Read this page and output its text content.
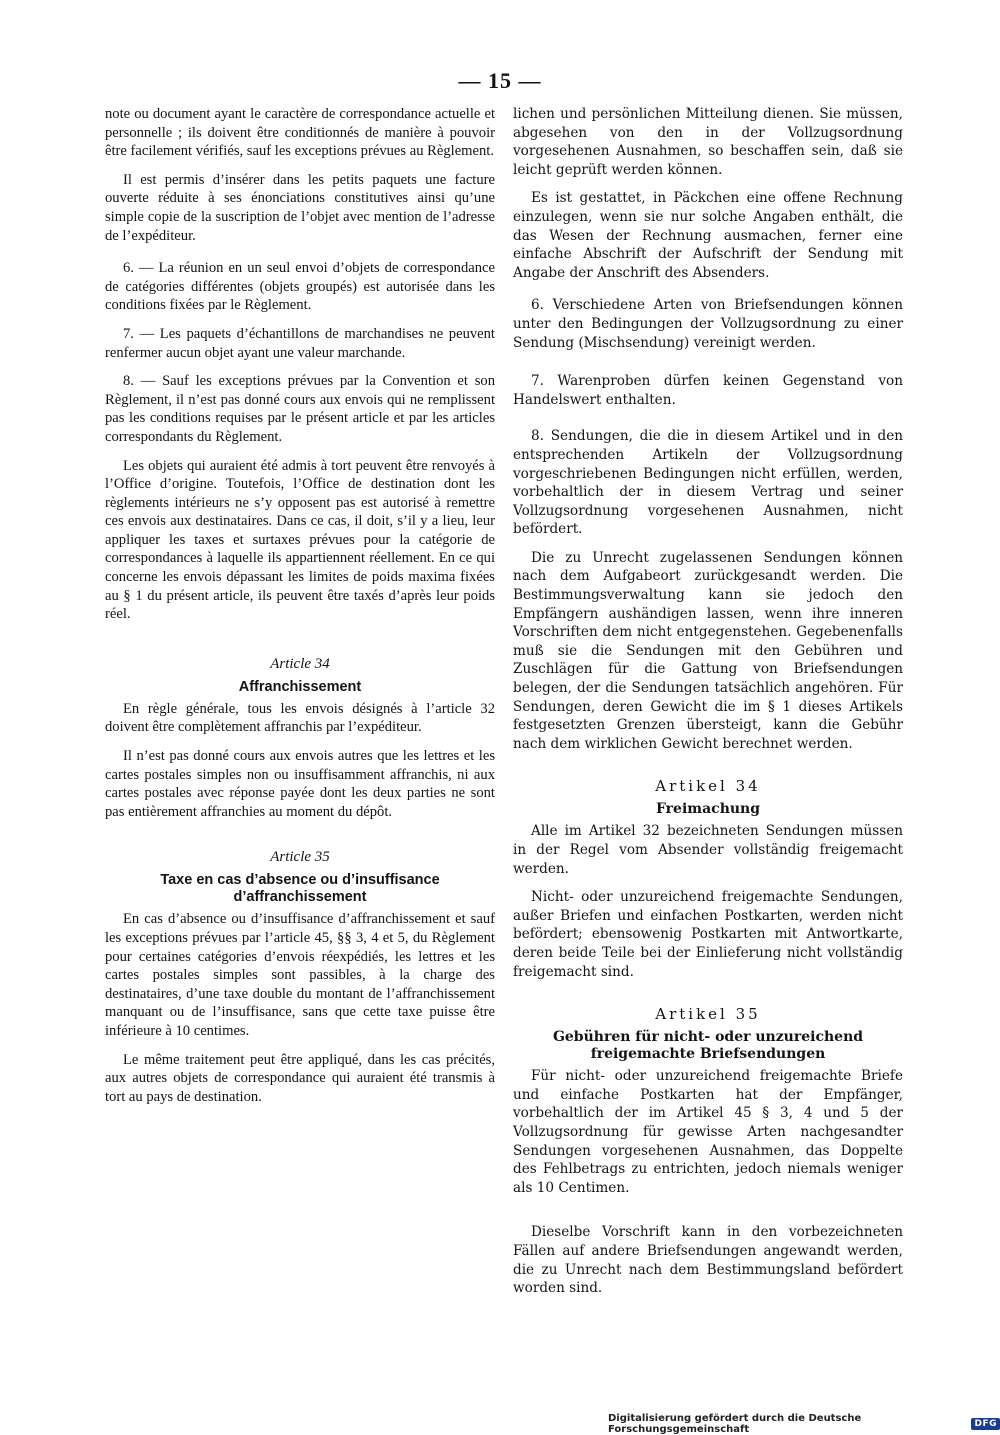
— 15 —

note ou document ayant le caractère de correspondance actuelle et personnelle ; ils doivent être conditionnés de manière à pouvoir être facilement vérifiés, sauf les exceptions prévues au Règlement.

Il est permis d’insérer dans les petits paquets une facture ouverte réduite à ses énonciations constitutives ainsi qu’une simple copie de la suscription de l’objet avec mention de l’adresse de l’expéditeur.

6. — La réunion en un seul envoi d’objets de correspondance de catégories différentes (objets groupés) est autorisée dans les conditions fixées par le Règlement.

7. — Les paquets d’échantillons de marchandises ne peuvent renfermer aucun objet ayant une valeur marchande.

8. — Sauf les exceptions prévues par la Convention et son Règlement, il n’est pas donné cours aux envois qui ne remplissent pas les conditions requises par le présent article et par les articles correspondants du Règlement.

Les objets qui auraient été admis à tort peuvent être renvoyés à l’Office d’origine. Toutefois, l’Office de destination dont les règlements intérieurs ne s’y opposent pas est autorisé à remettre ces envois aux destinataires. Dans ce cas, il doit, s’il y a lieu, leur appliquer les taxes et surtaxes prévues pour la catégorie de correspondances à laquelle ils appartiennent réellement. En ce qui concerne les envois dépassant les limites de poids maxima fixées au § 1 du présent article, ils peuvent être taxés d’après leur poids réel.

Article 34
Affranchissement

En règle générale, tous les envois désignés à l’article 32 doivent être complètement affranchis par l’expéditeur.

Il n’est pas donné cours aux envois autres que les lettres et les cartes postales simples non ou insuffisamment affranchis, ni aux cartes postales avec réponse payée dont les deux parties ne sont pas entièrement affranchies au moment du dépôt.

Article 35
Taxe en cas d’absence ou d’insuffisance d’affranchissement

En cas d’absence ou d’insuffisance d’affranchissement et sauf les exceptions prévues par l’article 45, §§ 3, 4 et 5, du Règlement pour certaines catégories d’envois réexpédiés, les lettres et les cartes postales simples sont passibles, à la charge des destinataires, d’une taxe double du montant de l’affranchissement manquant ou de l’insuffisance, sans que cette taxe puisse être inférieure à 10 centimes.

Le même traitement peut être appliqué, dans les cas précités, aux autres objets de correspondance qui auraient été transmis à tort au pays de destination.

lichen und persönlichen Mitteilung dienen. Sie müssen, abgesehen von den in der Vollzugsordnung vorgesehenen Ausnahmen, so beschaffen sein, daß sie leicht geprüft werden können.

Es ist gestattet, in Päckchen eine offene Rechnung einzulegen, wenn sie nur solche Angaben enthält, die das Wesen der Rechnung ausmachen, ferner eine einfache Abschrift der Aufschrift der Sendung mit Angabe der Anschrift des Absenders.

6. Verschiedene Arten von Briefsendungen können unter den Bedingungen der Vollzugsordnung zu einer Sendung (Mischsendung) vereinigt werden.

7. Warenproben dürfen keinen Gegenstand von Handelswert enthalten.

8. Sendungen, die die in diesem Artikel und in den entsprechenden Artikeln der Vollzugsordnung vorgeschriebenen Bedingungen nicht erfüllen, werden, vorbehaltlich der in diesem Vertrag und seiner Vollzugsordnung vorgesehenen Ausnahmen, nicht befördert.

Die zu Unrecht zugelassenen Sendungen können nach dem Aufgabeort zurückgesandt werden. Die Bestimmungsverwaltung kann sie jedoch den Empfängern aushändigen lassen, wenn ihre inneren Vorschriften dem nicht entgegenstehen. Gegebenenfalls muß sie die Sendungen mit den Gebühren und Zuschlägen für die Gattung von Briefsendungen belegen, der die Sendungen tatsächlich angehören. Für Sendungen, deren Gewicht die im § 1 dieses Artikels festgesetzten Grenzen übersteigt, kann die Gebühr nach dem wirklichen Gewicht berechnet werden.

Artikel 34
Freimachung

Alle im Artikel 32 bezeichneten Sendungen müssen in der Regel vom Absender vollständig freigemacht werden.

Nicht- oder unzureichend freigemachte Sendungen, außer Briefen und einfachen Postkarten, werden nicht befördert; ebensowenig Postkarten mit Antwortkarte, deren beide Teile bei der Einlieferung nicht vollständig freigemacht sind.

Artikel 35
Gebühren für nicht- oder unzureichend freigemachte Briefsendungen

Für nicht- oder unzureichend freigemachte Briefe und einfache Postkarten hat der Empfänger, vorbehaltlich der im Artikel 45 § 3, 4 und 5 der Vollzugsordnung für gewisse Arten nachgesandter Sendungen vorgesehenen Ausnahmen, das Doppelte des Fehlbetrags zu entrichten, jedoch niemals weniger als 10 Centimen.

Dieselbe Vorschrift kann in den vorbezeichneten Fällen auf andere Briefsendungen angewandt werden, die zu Unrecht nach dem Bestimmungsland befördert worden sind.

Digitalisierung gefördert durch die Deutsche Forschungsgemeinschaft	DFG
